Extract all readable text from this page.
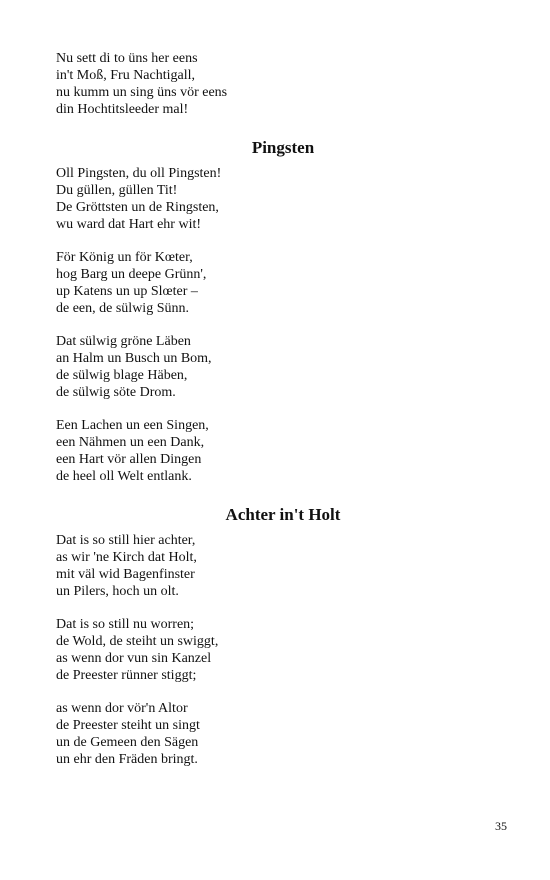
Nu sett di to üns her eens
in't Moß, Fru Nachtigall,
nu kumm un sing üns vör eens
din Hochtitsleeder mal!
Pingsten
Oll Pingsten, du oll Pingsten!
Du güllen, güllen Tit!
De Gröttsten un de Ringsten,
wu ward dat Hart ehr wit!
För König un för Kœter,
hog Barg un deepe Grünn',
up Katens un up Slœter –
de een, de sülwig Sünn.
Dat sülwig gröne Läben
an Halm un Busch un Bom,
de sülwig blage Häben,
de sülwig söte Drom.
Een Lachen un een Singen,
een Nähmen un een Dank,
een Hart vör allen Dingen
de heel oll Welt entlank.
Achter in't Holt
Dat is so still hier achter,
as wir 'ne Kirch dat Holt,
mit väl wid Bagenfinster
un Pilers, hoch un olt.
Dat is so still nu worren;
de Wold, de steiht un swiggt,
as wenn dor vun sin Kanzel
de Preester rünner stiggt;
as wenn dor vör'n Altor
de Preester steiht un singt
un de Gemeen den Sägen
un ehr den Fräden bringt.
35
